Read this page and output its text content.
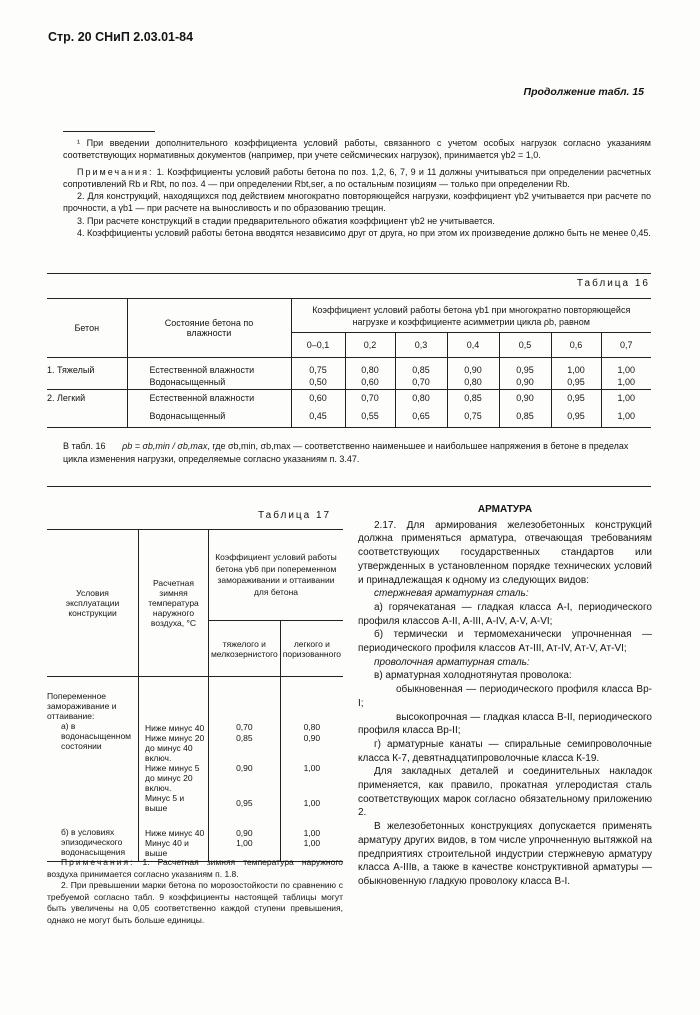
Стр. 20 СНиП 2.03.01-84
Продолжение табл. 15

¹ При введении дополнительного коэффициента условий работы, связанного с учетом особых нагрузок согласно указаниям соответствующих нормативных документов (например, при учете сейсмических нагрузок), принимается γb2 = 1,0.

Примечания: 1. Коэффициенты условий работы бетона по поз. 1,2, 6, 7, 9 и 11 должны учитываться при определении расчетных сопротивлений Rb и Rbt, по поз. 4 — при определении Rbt,ser, а по остальным позициям — только при определении Rb.

2. Для конструкций, находящихся под действием многократно повторяющейся нагрузки, коэффициент γb2 учитывается при расчете по прочности, а γb1 — при расчете на выносливость и по образованию трещин.

3. При расчете конструкций в стадии предварительного обжатия коэффициент γb2 не учитывается.

4. Коэффициенты условий работы бетона вводятся независимо друг от друга, но при этом их произведение должно быть не менее 0,45.

Таблица 16
Бетон	Состояние бетона по влажности	Коэффициент условий работы бетона γb1 при многократно повторяющейся нагрузке и коэффициенте асимметрии цикла ρb, равном						
		0–0,1	0,2	0,3	0,4	0,5	0,6	0,7
1. Тяжелый	Естественной влажности	0,75	0,80	0,85	0,90	0,95	1,00	1,00
	Водонасыщенный	0,50	0,60	0,70	0,80	0,90	0,95	1,00
2. Легкий	Естественной влажности	0,60	0,70	0,80	0,85	0,90	0,95	1,00
	Водонасыщенный	0,45	0,55	0,65	0,75	0,85	0,95	1,00
В табл. 16 ρb = σb,min / σb,max, где σb,min, σb,max — соответственно наименьшее и наибольшее напряжения в бетоне в пределах цикла изменения нагрузки, определяемые согласно указаниям п. 3.47.
Таблица 17
Условия эксплуатации конструкции	Расчетная зимняя температура наружного воздуха, °С	Коэффициент условий работы бетона γb6 при попеременном замораживании и оттаивании для бетона	
		тяжелого и мелкозернистого	легкого и поризованного
Попеременное замораживание и оттаивание:			
а) в водонасыщенном состоянии	Ниже минус 40	0,70	0,80
	Ниже минус 20 до минус 40 включ.	0,85	0,90
	Ниже минус 5 до минус 20 включ.	0,90	1,00
	Минус 5 и выше	0,95	1,00

б) в условиях эпизодического водонасыщения	Ниже минус 40	0,90	1,00
	Минус 40 и выше	1,00	1,00

Примечания: 1. Расчетная зимняя температура наружного воздуха принимается согласно указаниям п. 1.8.

2. При превышении марки бетона по морозостойкости по сравнению с требуемой согласно табл. 9 коэффициенты настоящей таблицы могут быть увеличены на 0,05 соответственно каждой ступени превышения, однако не могут быть больше единицы.

АРМАТУРА

2.17. Для армирования железобетонных конструкций должна применяться арматура, отвечающая требованиям соответствующих государственных стандартов или утвержденных в установленном порядке технических условий и принадлежащая к одному из следующих видов:

стержневая арматурная сталь:

а) горячекатаная — гладкая класса A-I, периодического профиля классов A-II, A-III, A-IV, A-V, A-VI;

б) термически и термомеханически упрочненная — периодического профиля классов Aт-III, Aт-IV, Aт-V, Aт-VI;

проволочная арматурная сталь:

в) арматурная холоднотянутая проволока:

обыкновенная — периодического профиля класса Вр-I;

высокопрочная — гладкая класса В-II, периодического профиля класса Вр-II;

г) арматурные канаты — спиральные семипроволочные класса К-7, девятнадцатипроволочные класса К-19.

Для закладных деталей и соединительных накладок применяется, как правило, прокатная углеродистая сталь соответствующих марок согласно обязательному приложению 2.

В железобетонных конструкциях допускается применять арматуру других видов, в том числе упрочненную вытяжкой на предприятиях строительной индустрии стержневую арматуру класса А-IIIв, а также в качестве конструктивной арматуры — обыкновенную гладкую проволоку класса В-I.
